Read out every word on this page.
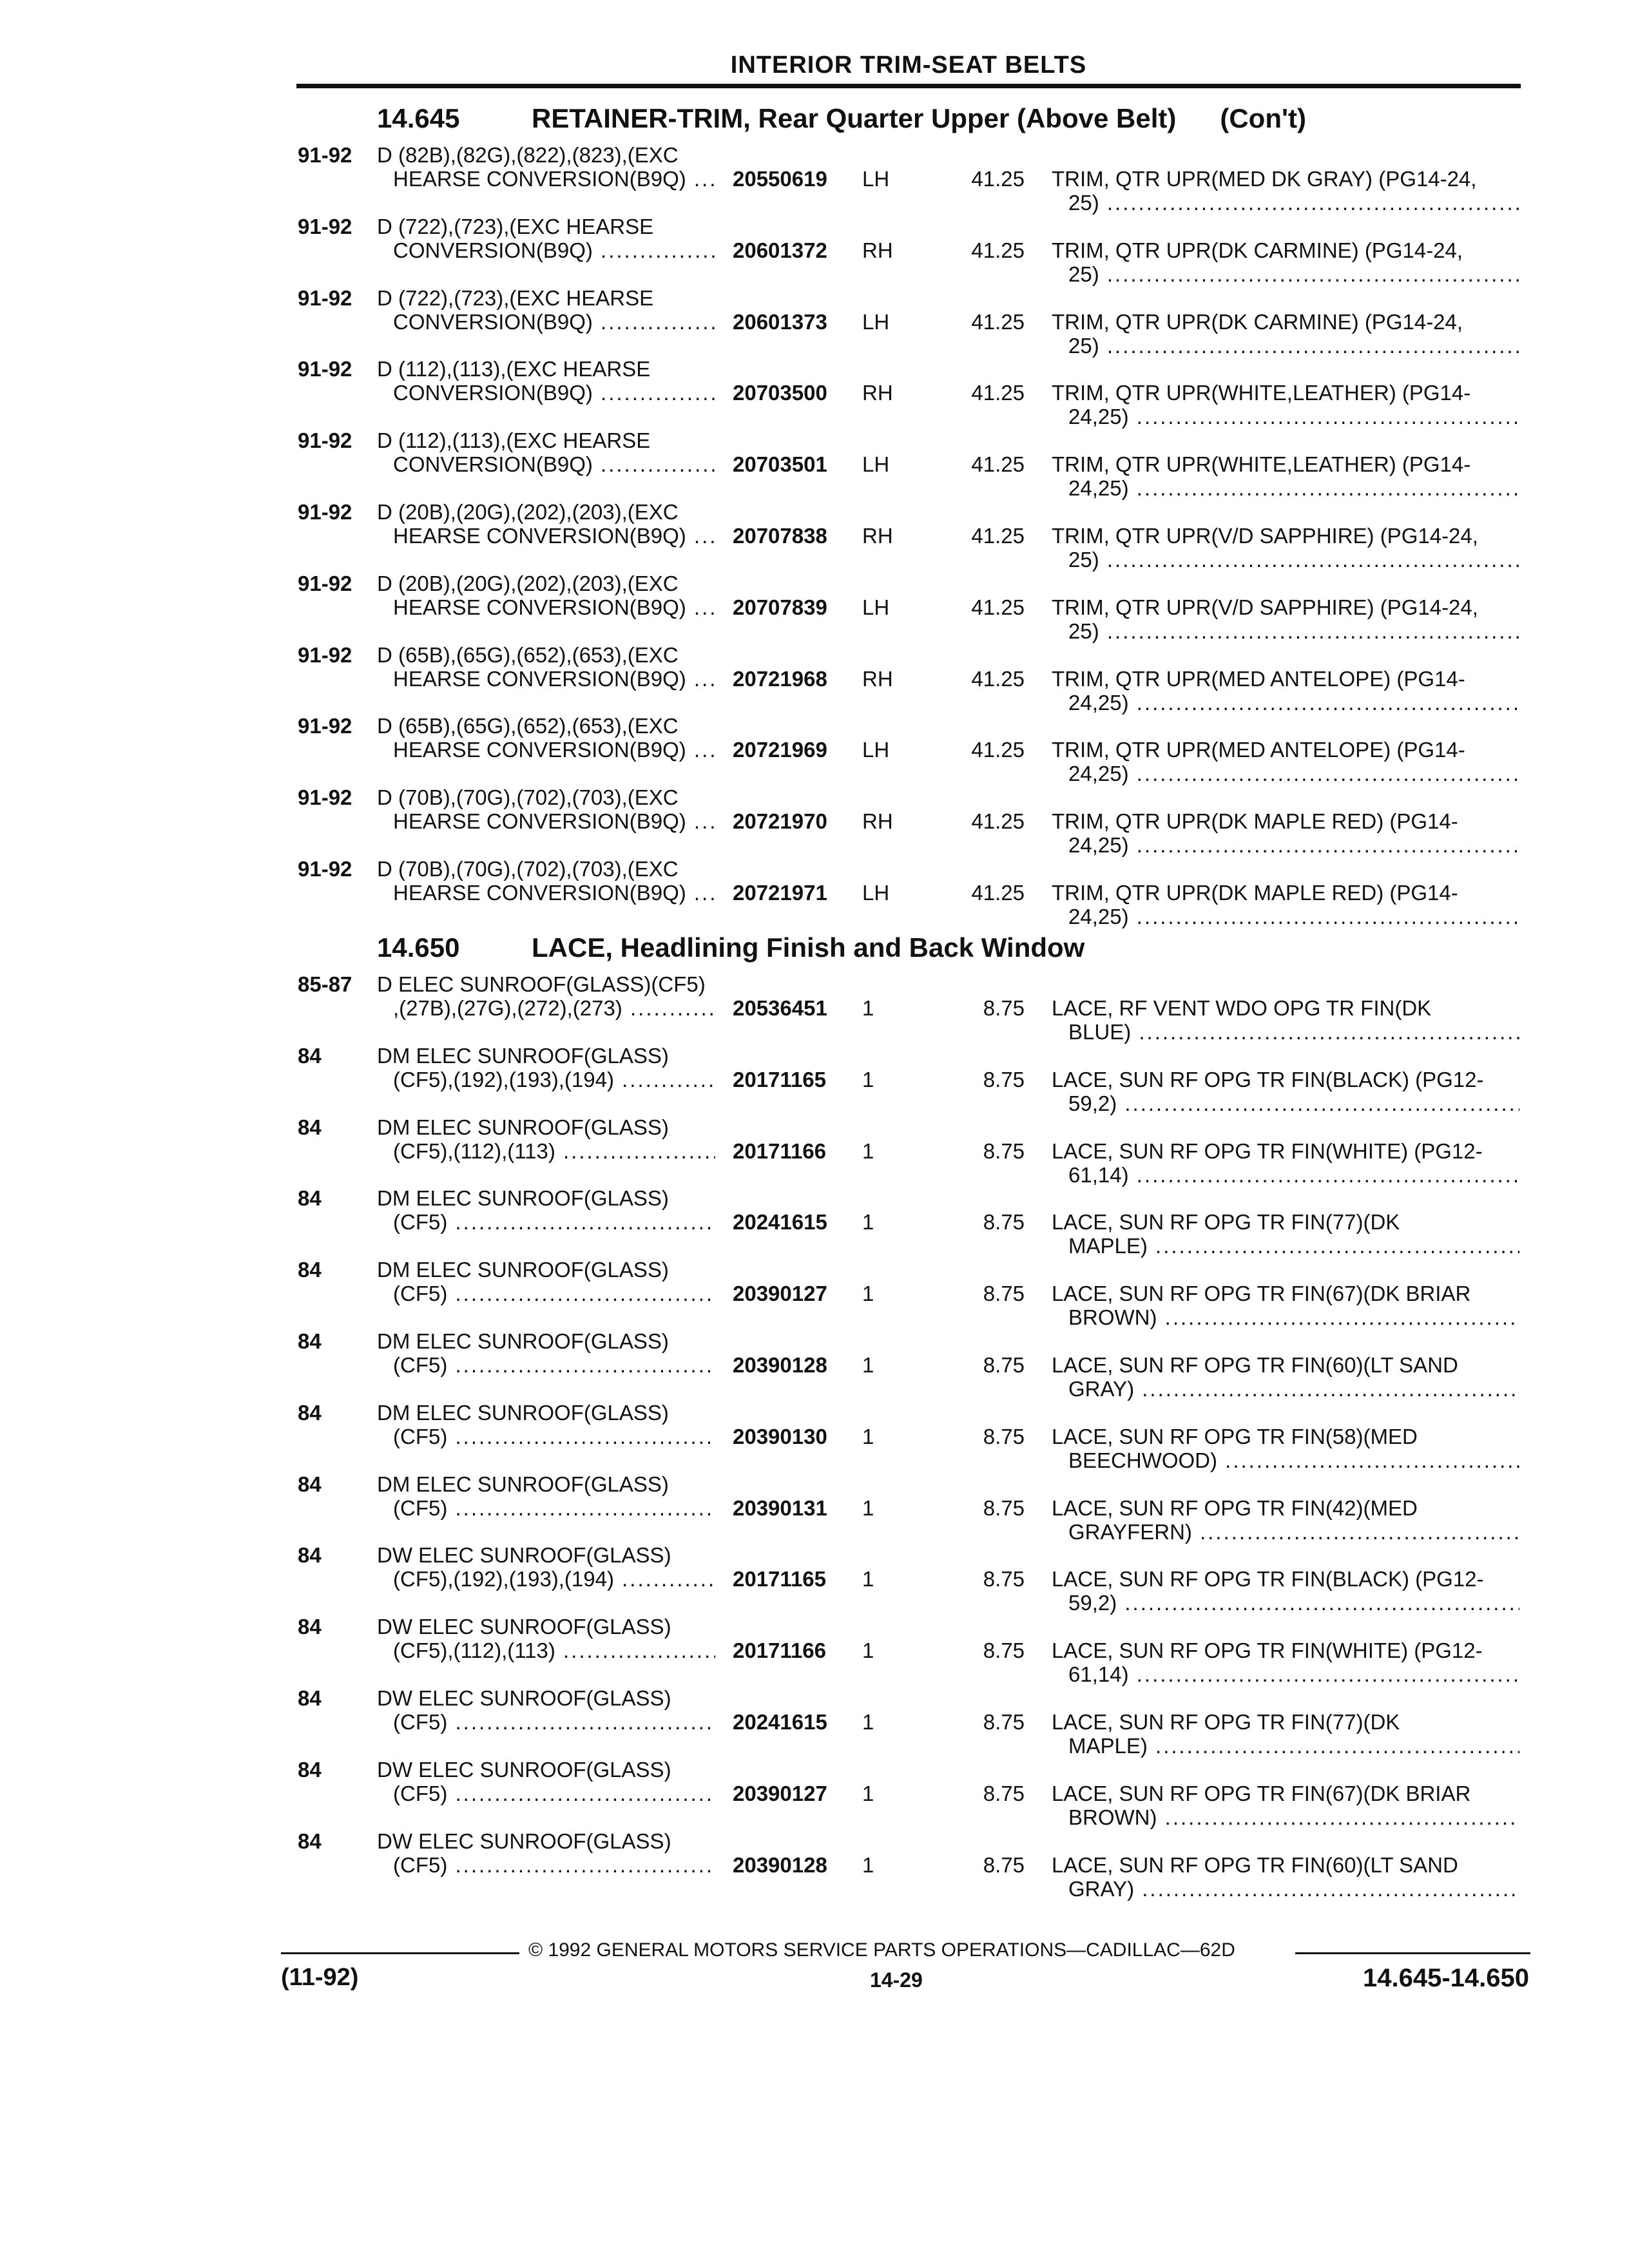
INTERIOR TRIM-SEAT BELTS
14.645	RETAINER-TRIM, Rear Quarter Upper (Above Belt) (Con't)
91-92 D (82B),(82G),(822),(823),(EXC
HEARSE CONVERSION(B9Q) .....	20550619 LH	41.25 TRIM, QTR UPR(MED DK GRAY) (PG14-24,
25) .....
91-92 D (722),(723),(EXC HEARSE
CONVERSION(B9Q) .....	20601372 RH	41.25 TRIM, QTR UPR(DK CARMINE) (PG14-24,
25) .....
91-92 D (722),(723),(EXC HEARSE
CONVERSION(B9Q) .....	20601373 LH	41.25 TRIM, QTR UPR(DK CARMINE) (PG14-24,
25) .....
91-92 D (112),(113),(EXC HEARSE
CONVERSION(B9Q) .....	20703500 RH	41.25 TRIM, QTR UPR(WHITE,LEATHER) (PG14-
24,25) .....
91-92 D (112),(113),(EXC HEARSE
CONVERSION(B9Q) .....	20703501 LH	41.25 TRIM, QTR UPR(WHITE,LEATHER) (PG14-
24,25) .....
91-92 D (20B),(20G),(202),(203),(EXC
HEARSE CONVERSION(B9Q) .....	20707838 RH	41.25 TRIM, QTR UPR(V/D SAPPHIRE) (PG14-24,
25) .....
91-92 D (20B),(20G),(202),(203),(EXC
HEARSE CONVERSION(B9Q) .....	20707839 LH	41.25 TRIM, QTR UPR(V/D SAPPHIRE) (PG14-24,
25) .....
91-92 D (65B),(65G),(652),(653),(EXC
HEARSE CONVERSION(B9Q) .....	20721968 RH	41.25 TRIM, QTR UPR(MED ANTELOPE) (PG14-
24,25) .....
91-92 D (65B),(65G),(652),(653),(EXC
HEARSE CONVERSION(B9Q) .....	20721969 LH	41.25 TRIM, QTR UPR(MED ANTELOPE) (PG14-
24,25) .....
91-92 D (70B),(70G),(702),(703),(EXC
HEARSE CONVERSION(B9Q) .....	20721970 RH	41.25 TRIM, QTR UPR(DK MAPLE RED) (PG14-
24,25) .....
91-92 D (70B),(70G),(702),(703),(EXC
HEARSE CONVERSION(B9Q) .....	20721971 LH	41.25 TRIM, QTR UPR(DK MAPLE RED) (PG14-
24,25) .....
14.650	LACE, Headlining Finish and Back Window
85-87 D ELEC SUNROOF(GLASS)(CF5)
,(27B),(27G),(272),(273) .....	20536451 1	8.75 LACE, RF VENT WDO OPG TR FIN(DK
BLUE) .....
84	DM ELEC SUNROOF(GLASS)
(CF5),(192),(193),(194) .....	20171165 1	8.75 LACE, SUN RF OPG TR FIN(BLACK) (PG12-
59,2) .....
84	DM ELEC SUNROOF(GLASS)
(CF5),(112),(113) .....	20171166 1	8.75 LACE, SUN RF OPG TR FIN(WHITE) (PG12-
61,14) .....
84	DM ELEC SUNROOF(GLASS)
(CF5) .....	20241615 1	8.75 LACE, SUN RF OPG TR FIN(77)(DK
MAPLE) .....
84	DM ELEC SUNROOF(GLASS)
(CF5) .....	20390127 1	8.75 LACE, SUN RF OPG TR FIN(67)(DK BRIAR
BROWN) .....
84	DM ELEC SUNROOF(GLASS)
(CF5) .....	20390128 1	8.75 LACE, SUN RF OPG TR FIN(60)(LT SAND
GRAY) .....
84	DM ELEC SUNROOF(GLASS)
(CF5) .....	20390130 1	8.75 LACE, SUN RF OPG TR FIN(58)(MED
BEECHWOOD) .....
84	DM ELEC SUNROOF(GLASS)
(CF5) .....	20390131 1	8.75 LACE, SUN RF OPG TR FIN(42)(MED
GRAYFERN) .....
84	DW ELEC SUNROOF(GLASS)
(CF5),(192),(193),(194) .....	20171165 1	8.75 LACE, SUN RF OPG TR FIN(BLACK) (PG12-
59,2) .....
84	DW ELEC SUNROOF(GLASS)
(CF5),(112),(113) .....	20171166 1	8.75 LACE, SUN RF OPG TR FIN(WHITE) (PG12-
61,14) .....
84	DW ELEC SUNROOF(GLASS)
(CF5) .....	20241615 1	8.75 LACE, SUN RF OPG TR FIN(77)(DK
MAPLE) .....
84	DW ELEC SUNROOF(GLASS)
(CF5) .....	20390127 1	8.75 LACE, SUN RF OPG TR FIN(67)(DK BRIAR
BROWN) .....
84	DW ELEC SUNROOF(GLASS)
(CF5) .....	20390128 1	8.75 LACE, SUN RF OPG TR FIN(60)(LT SAND
GRAY) .....
© 1992 GENERAL MOTORS SERVICE PARTS OPERATIONS—CADILLAC—62D
(11-92)	14-29	14.645-14.650
